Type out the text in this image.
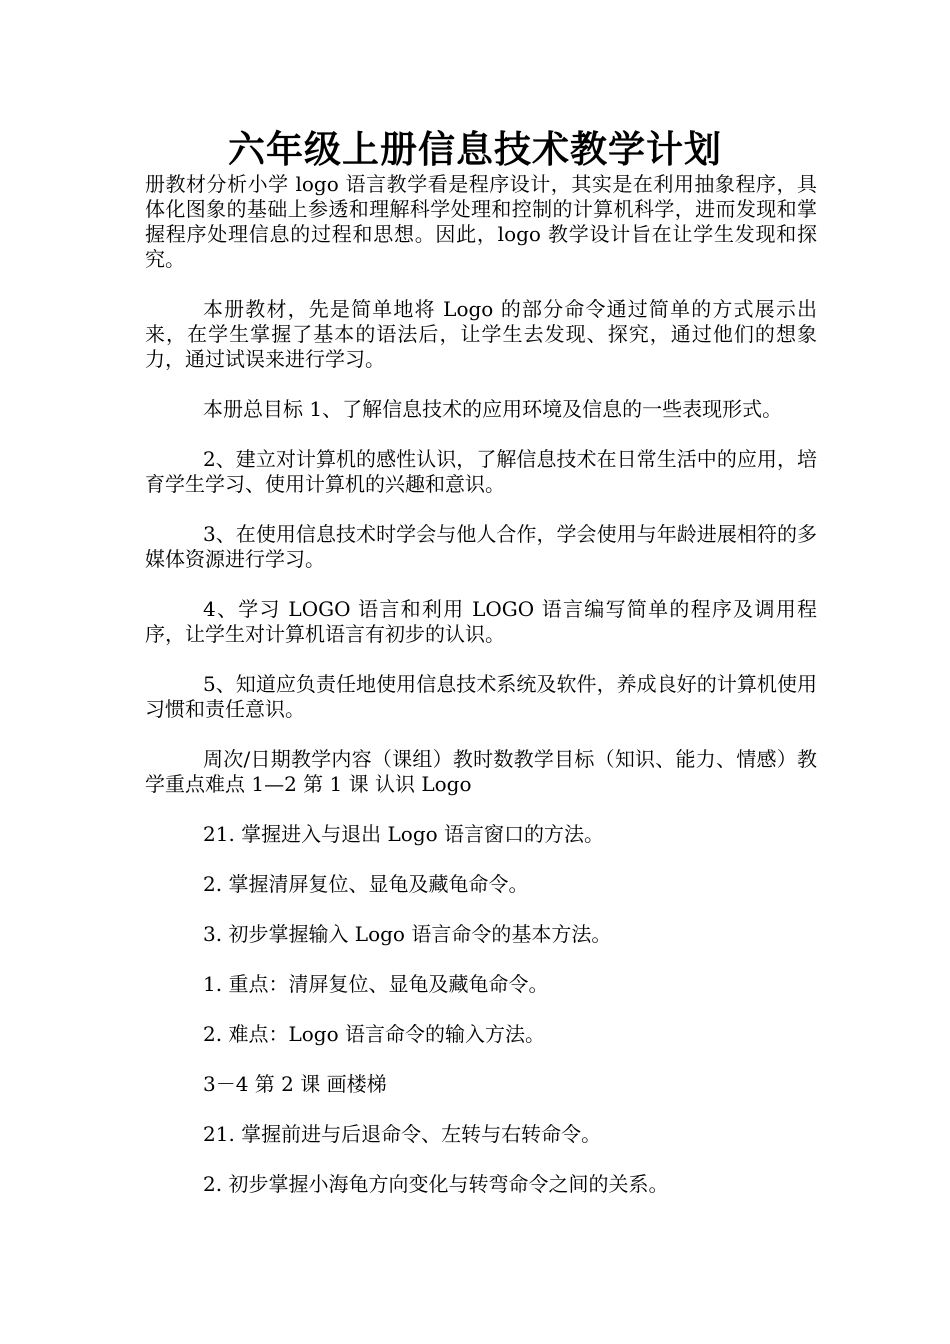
六年级上册信息技术教学计划

册教材分析小学 logo 语言教学看是程序设计，其实是在利用抽象程序，具体化图象的基础上参透和理解科学处理和控制的计算机科学，进而发现和掌握程序处理信息的过程和思想。因此，logo 教学设计旨在让学生发现和探究。

本册教材，先是简单地将 Logo 的部分命令通过简单的方式展示出来，在学生掌握了基本的语法后，让学生去发现、探究，通过他们的想象力，通过试误来进行学习。

本册总目标 1、了解信息技术的应用环境及信息的一些表现形式。

2、建立对计算机的感性认识，了解信息技术在日常生活中的应用，培育学生学习、使用计算机的兴趣和意识。

3、在使用信息技术时学会与他人合作，学会使用与年龄进展相符的多媒体资源进行学习。

4、学习 LOGO 语言和利用 LOGO 语言编写简单的程序及调用程序，让学生对计算机语言有初步的认识。

5、知道应负责任地使用信息技术系统及软件，养成良好的计算机使用习惯和责任意识。

周次/日期教学内容（课组）教时数教学目标（知识、能力、情感）教学重点难点 1—2 第 1 课 认识 Logo

21. 掌握进入与退出 Logo 语言窗口的方法。

2. 掌握清屏复位、显龟及藏龟命令。

3. 初步掌握输入 Logo 语言命令的基本方法。

1. 重点：清屏复位、显龟及藏龟命令。

2. 难点：Logo 语言命令的输入方法。

3－4 第 2 课 画楼梯

21. 掌握前进与后退命令、左转与右转命令。

2. 初步掌握小海龟方向变化与转弯命令之间的关系。
